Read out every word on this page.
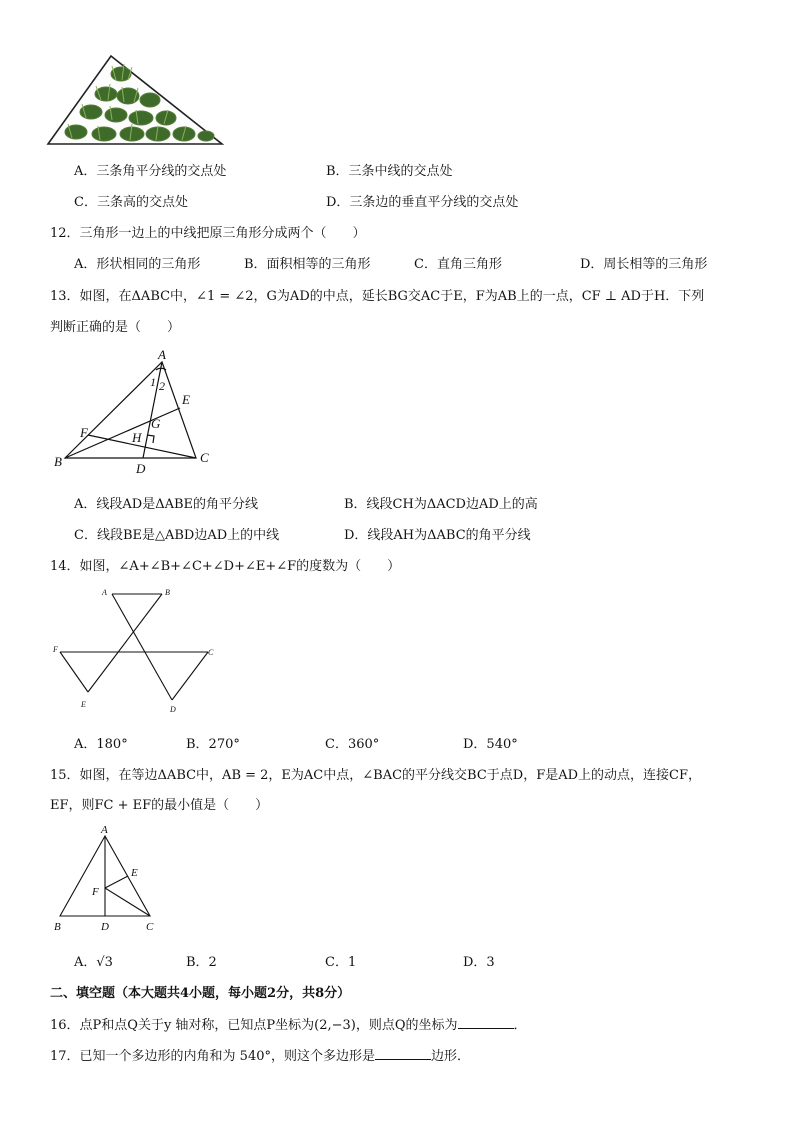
A．三条角平分线的交点处	B．三条中线的交点处
C．三条高的交点处	D．三条边的垂直平分线的交点处
12．三角形一边上的中线把原三角形分成两个（　　）
A．形状相同的三角形	B．面积相等的三角形	C．直角三角形	D．周长相等的三角形
13．如图，在ΔABC中，∠1 = ∠2，G为AD的中点，延长BG交AC于E，F为AB上的一点，CF ⊥ AD于H．下列
判断正确的是（　　）
A
1 2
E
F	H
G
B	D
C
A．线段AD是ΔABE的角平分线	B．线段CH为ΔACD边AD上的高
C．线段BE是△ABD边AD上的中线	D．线段AH为ΔABC的角平分线
14．如图，∠A+∠B+∠C+∠D+∠E+∠F的度数为（　　）
A	B
F	C
E
D
A．180°	B．270°	C．360°	D．540°
15．如图，在等边ΔABC中，AB = 2，E为AC中点，∠BAC的平分线交BC于点D，F是AD上的动点，连接CF，
EF，则FC + EF的最小值是（　　）
A
E
F
B	D	C
A．√3	B．2	C．1	D．3
二、填空题（本大题共4小题，每小题2分，共8分）
16．点P和点Q关于y 轴对称，已知点P坐标为(2,−3)，则点Q的坐标为	．
17．已知一个多边形的内角和为 540°，则这个多边形是	边形．
